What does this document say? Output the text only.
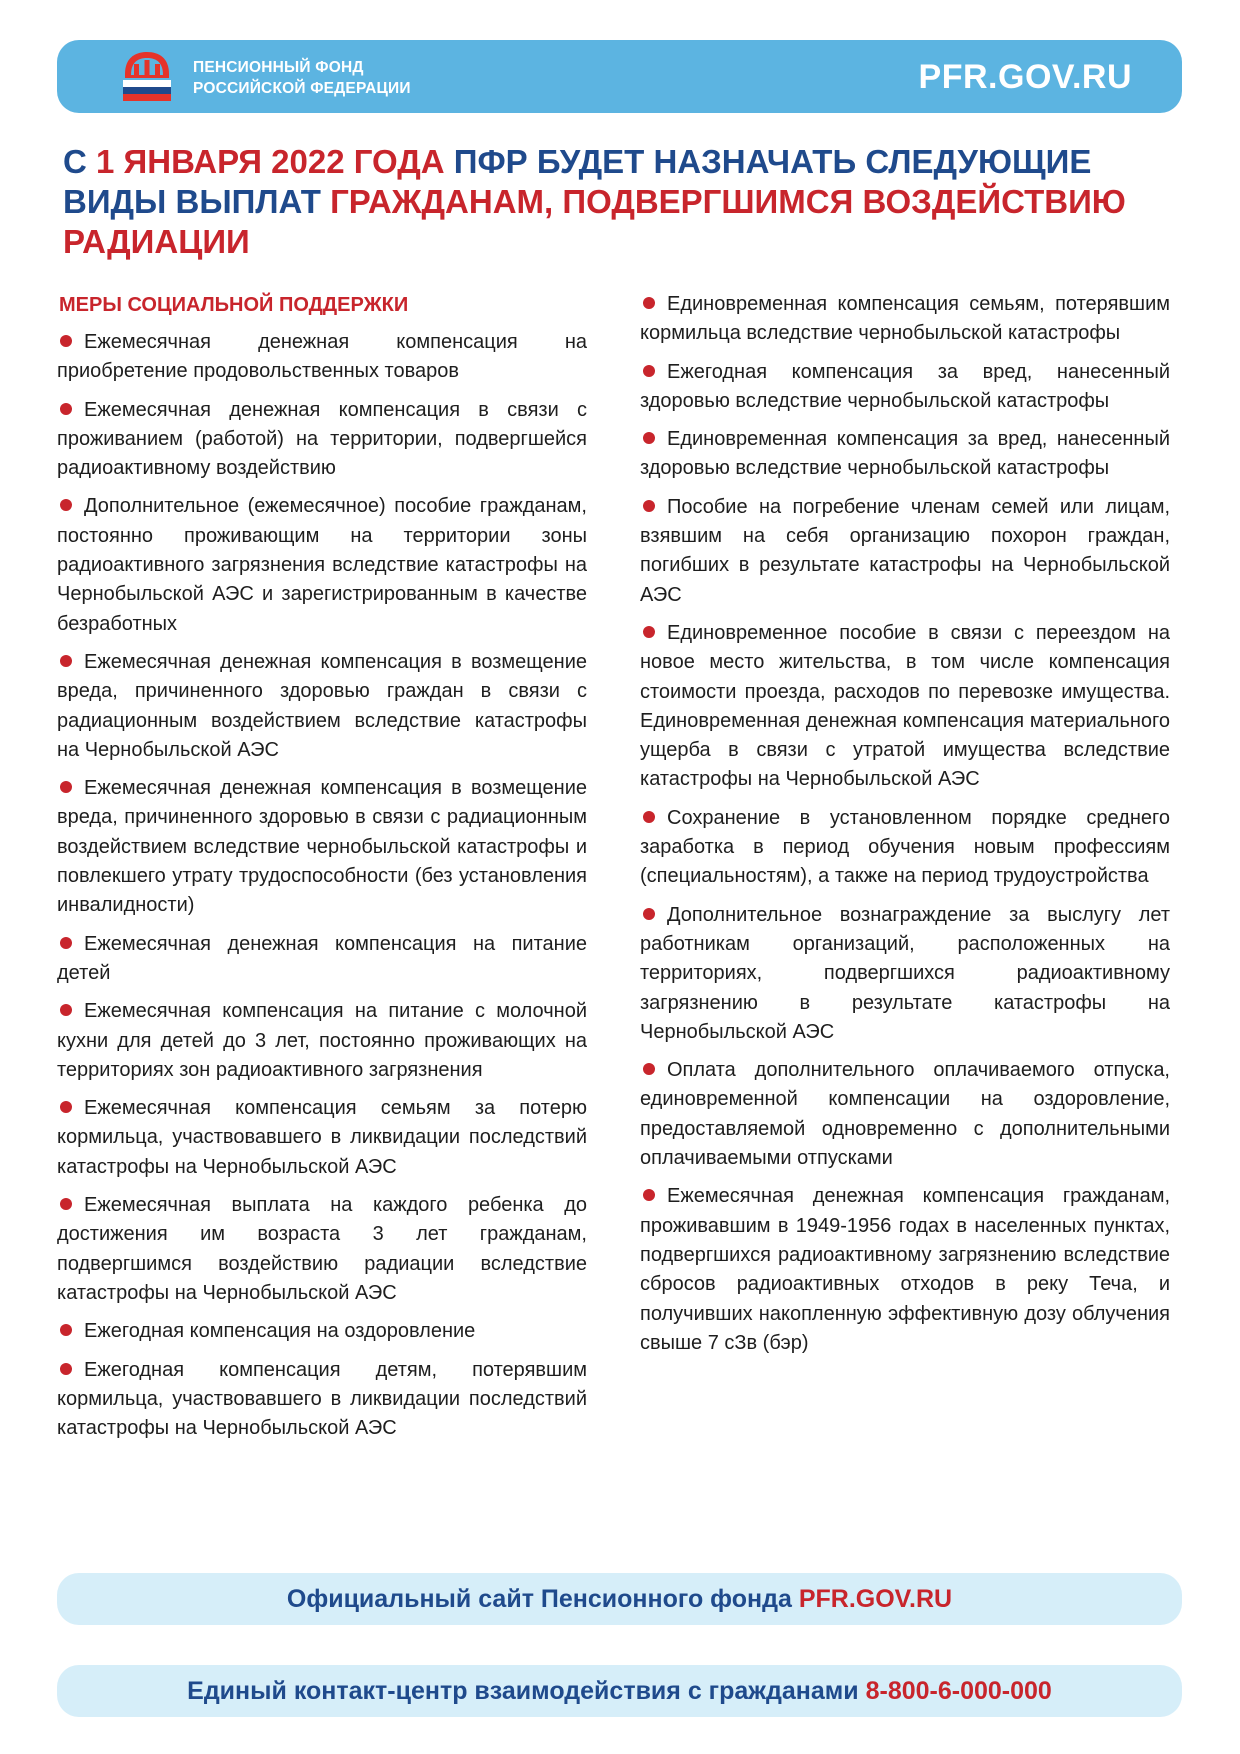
ПЕНСИОННЫЙ ФОНД
РОССИЙСКОЙ ФЕДЕРАЦИИ	PFR.GOV.RU
С 1 ЯНВАРЯ 2022 ГОДА ПФР БУДЕТ НАЗНАЧАТЬ СЛЕДУЮЩИЕ ВИДЫ ВЫПЛАТ ГРАЖДАНАМ, ПОДВЕРГШИМСЯ ВОЗДЕЙСТВИЮ РАДИАЦИИ
МЕРЫ СОЦИАЛЬНОЙ ПОДДЕРЖКИ
Ежемесячная денежная компенсация на приобретение продовольственных товаров
Ежемесячная денежная компенсация в связи с проживанием (работой) на территории, подвергшейся радиоактивному воздействию
Дополнительное (ежемесячное) пособие гражданам, постоянно проживающим на территории зоны радиоактивного загрязнения вследствие катастрофы на Чернобыльской АЭС и зарегистрированным в качестве безработных
Ежемесячная денежная компенсация в возмещение вреда, причиненного здоровью граждан в связи с радиационным воздействием вследствие катастрофы на Чернобыльской АЭС
Ежемесячная денежная компенсация в возмещение вреда, причиненного здоровью в связи с радиационным воздействием вследствие чернобыльской катастрофы и повлекшего утрату трудоспособности (без установления инвалидности)
Ежемесячная денежная компенсация на питание детей
Ежемесячная компенсация на питание с молочной кухни для детей до 3 лет, постоянно проживающих на территориях зон радиоактивного загрязнения
Ежемесячная компенсация семьям за потерю кормильца, участвовавшего в ликвидации последствий катастрофы на Чернобыльской АЭС
Ежемесячная выплата на каждого ребенка до достижения им возраста 3 лет гражданам, подвергшимся воздействию радиации вследствие катастрофы на Чернобыльской АЭС
Ежегодная компенсация на оздоровление
Ежегодная компенсация детям, потерявшим кормильца, участвовавшего в ликвидации последствий катастрофы на Чернобыльской АЭС
Единовременная компенсация семьям, потерявшим кормильца вследствие чернобыльской катастрофы
Ежегодная компенсация за вред, нанесенный здоровью вследствие чернобыльской катастрофы
Единовременная компенсация за вред, нанесенный здоровью вследствие чернобыльской катастрофы
Пособие на погребение членам семей или лицам, взявшим на себя организацию похорон граждан, погибших в результате катастрофы на Чернобыльской АЭС
Единовременное пособие в связи с переездом на новое место жительства, в том числе компенсация стоимости проезда, расходов по перевозке имущества. Единовременная денежная компенсация материального ущерба в связи с утратой имущества вследствие катастрофы на Чернобыльской АЭС
Сохранение в установленном порядке среднего заработка в период обучения новым профессиям (специальностям), а также на период трудоустройства
Дополнительное вознаграждение за выслугу лет работникам организаций, расположенных на территориях, подвергшихся радиоактивному загрязнению в результате катастрофы на Чернобыльской АЭС
Оплата дополнительного оплачиваемого отпуска, единовременной компенсации на оздоровление, предоставляемой одновременно с дополнительными оплачиваемыми отпусками
Ежемесячная денежная компенсация гражданам, проживавшим в 1949-1956 годах в населенных пунктах, подвергшихся радиоактивному загрязнению вследствие сбросов радиоактивных отходов в реку Теча, и получивших накопленную эффективную дозу облучения свыше 7 сЗв (бэр)
Официальный сайт Пенсионного фонда PFR.GOV.RU
Единый контакт-центр взаимодействия с гражданами 8-800-6-000-000
